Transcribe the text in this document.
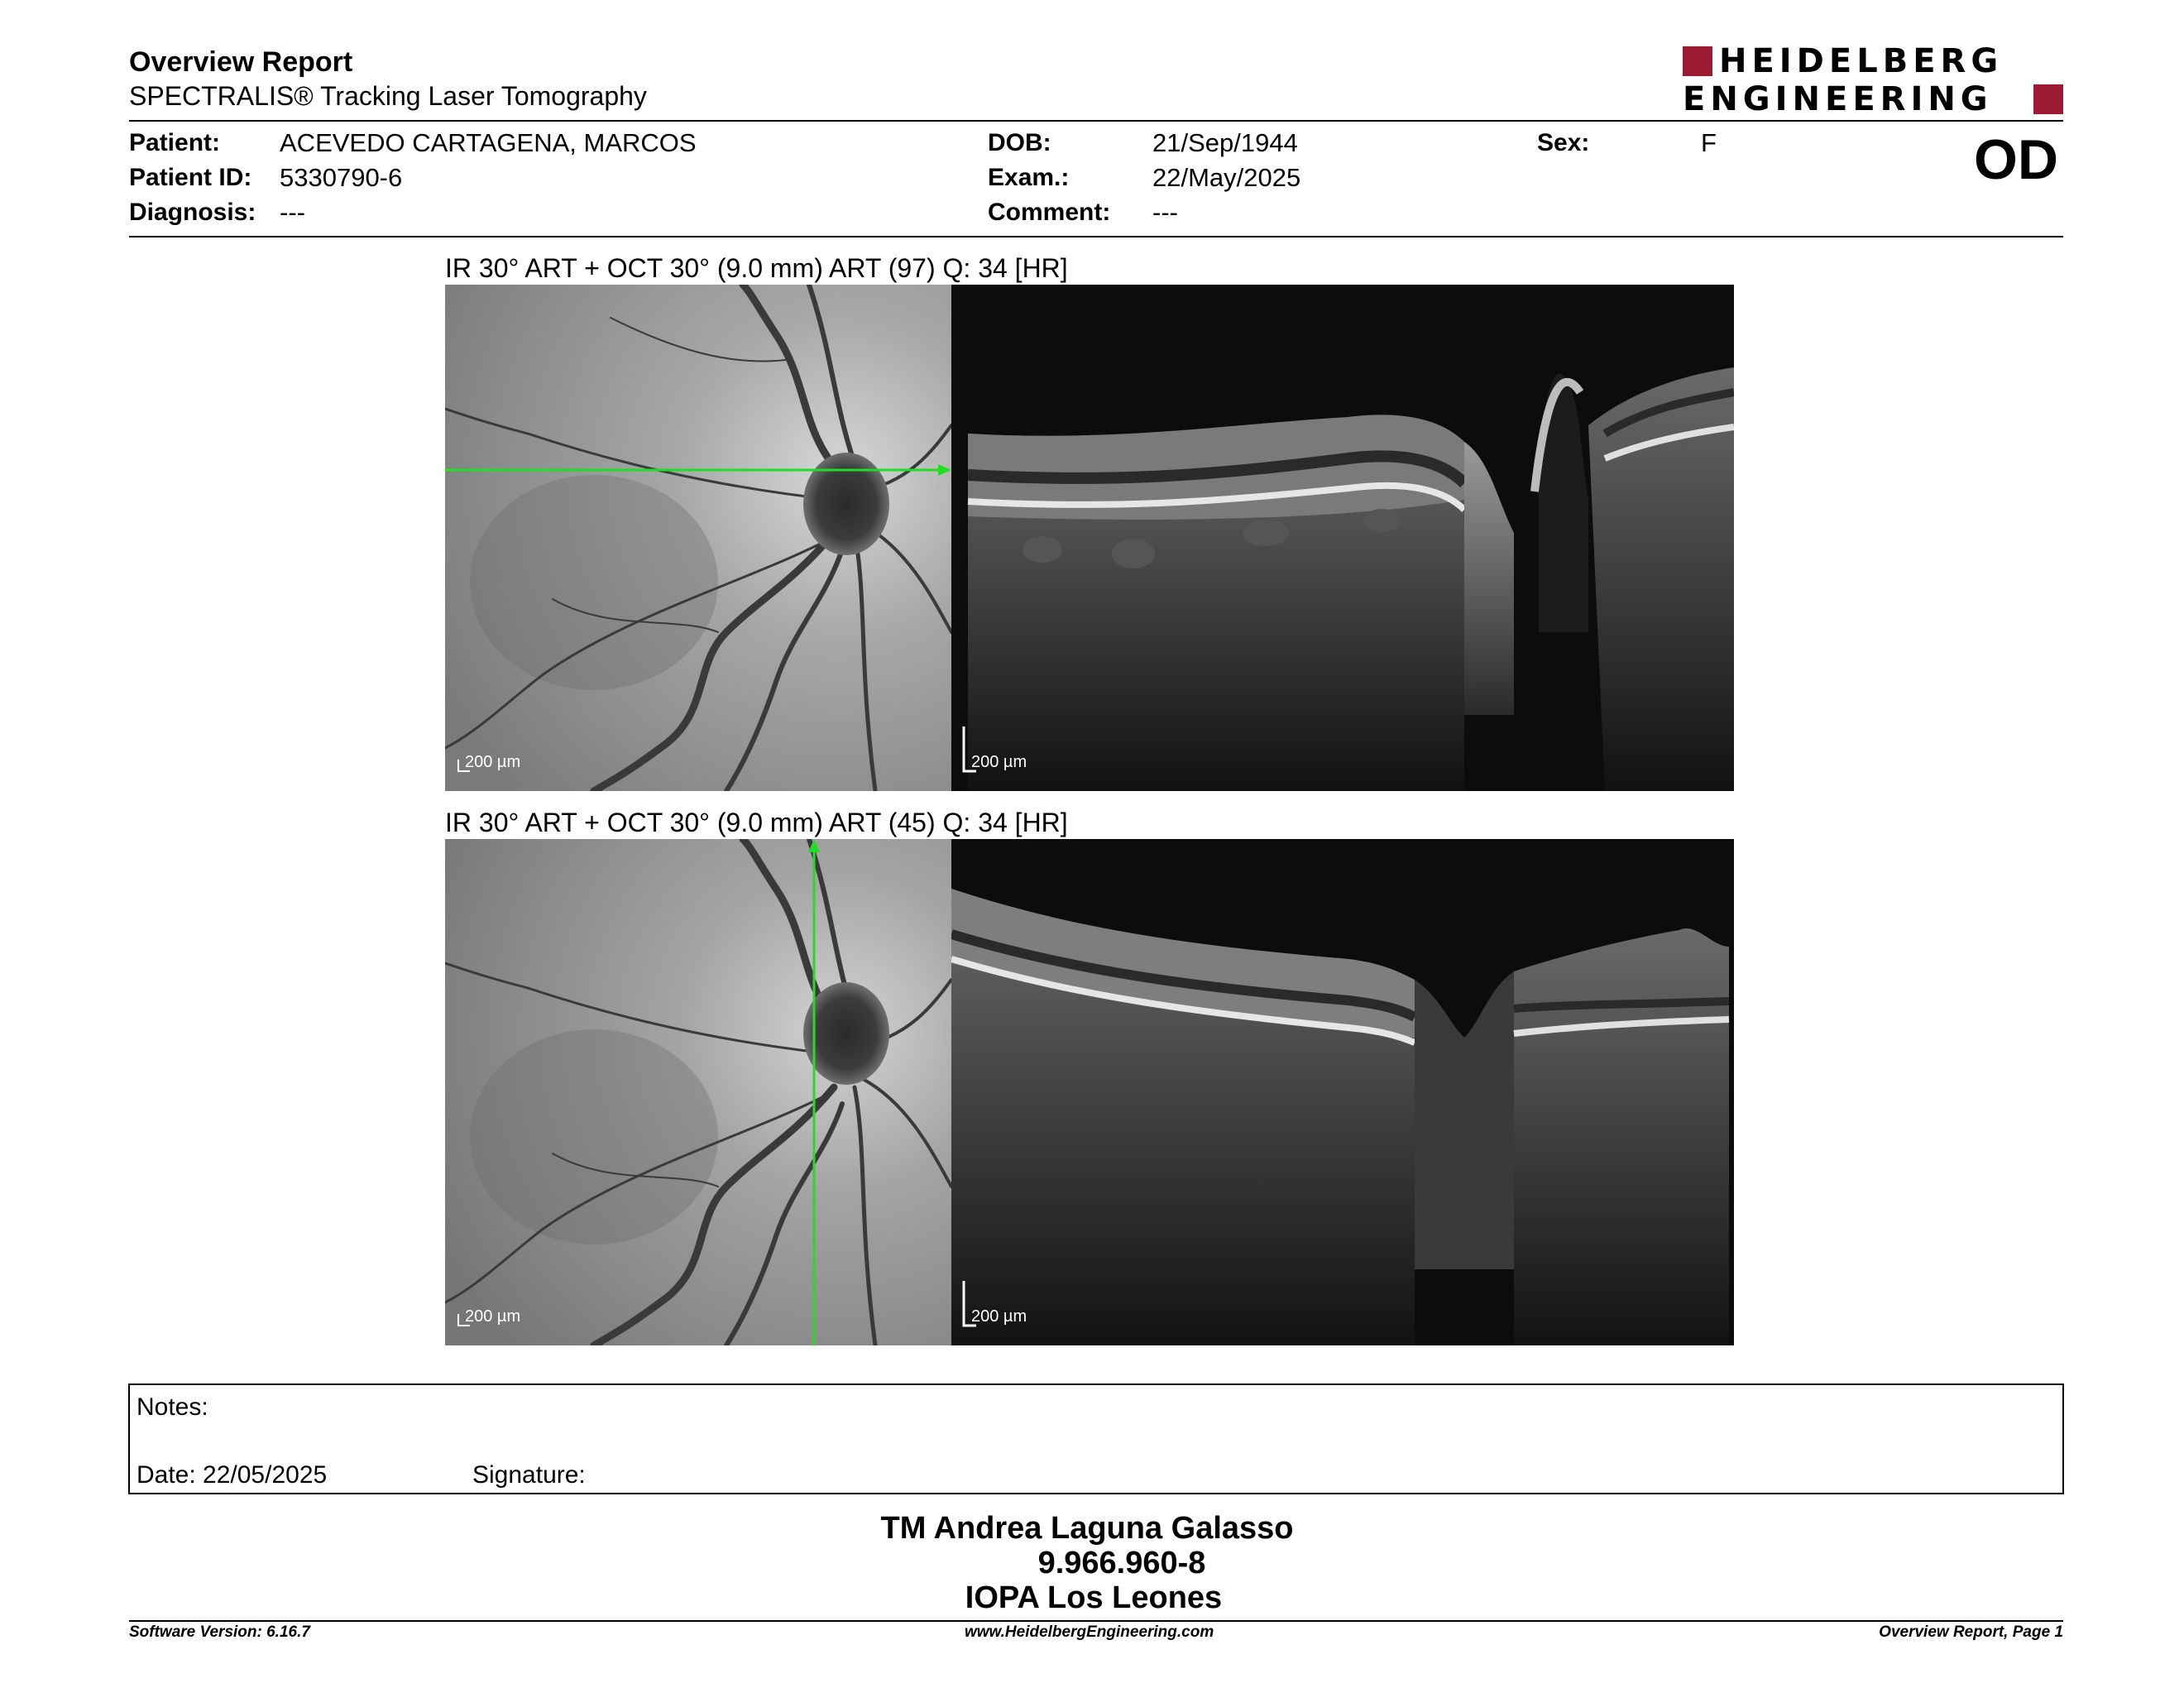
Overview Report
SPECTRALIS® Tracking Laser Tomography
HEIDELBERG
ENGINEERING
Patient: ACEVEDO CARTAGENA, MARCOS
Patient ID: 5330790-6
Diagnosis: ---
DOB:	21/Sep/1944
Exam.:	22/May/2025
Comment: ---
Sex:	F	OD
IR 30° ART + OCT 30° (9.0 mm) ART (97) Q: 34 [HR]
200 µm	200 µm
IR 30° ART + OCT 30° (9.0 mm) ART (45) Q: 34 [HR]
200 µm	200 µm
Notes:
Date: 22/05/2025	Signature:
TM Andrea Laguna Galasso
9.966.960-8
IOPA Los Leones
Software Version: 6.16.7	www.HeidelbergEngineering.com	Overview Report, Page 1
